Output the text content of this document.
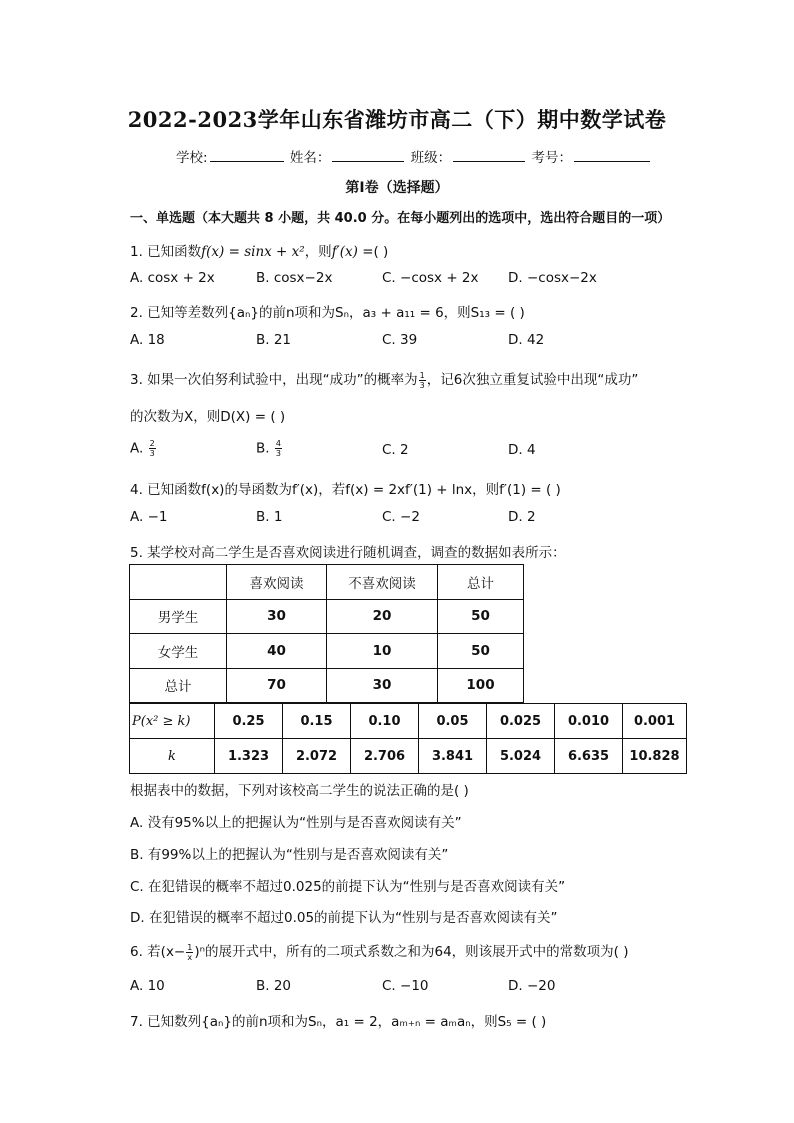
2022-2023学年山东省潍坊市高二（下）期中数学试卷
学校:	姓名：	班级：	考号：
第Ⅰ卷（选择题）
一、单选题（本大题共 8 小题，共 40.0 分。在每小题列出的选项中，选出符合题目的一项）
1. 已知函数f(x) = sinx + x²，则f′(x) =( )
A. cosx + 2x	B. cosx−2x	C. −cosx + 2x D. −cosx−2x
2. 已知等差数列{aₙ}的前n项和为Sₙ，a₃ + a₁₁ = 6，则S₁₃ = ( )
A. 18	B. 21	C. 39	D. 42
3. 如果一次伯努利试验中，出现“成功”的概率为 $\frac{1}{3}$ ，记6次独立重复试验中出现“成功”
的次数为X，则D(X) = ( )
A. $\frac{2}{3}$	B. $\frac{4}{3}$	C. 2	D. 4
4. 已知函数f(x)的导函数为f′(x)，若f(x) = 2xf′(1) + lnx，则f′(1) = ( )
A. −1	B. 1	C. −2	D. 2
5. 某学校对高二学生是否喜欢阅读进行随机调查，调查的数据如表所示：
	喜欢阅读	不喜欢阅读	总计
男学生	30	20	50
女学生	40	10	50
总计	70	30	100
P(x² ≥ k)	0.25	0.15	0.10	0.05	0.025	0.010	0.001
k	1.323	2.072	2.706	3.841	5.024	6.635	10.828
根据表中的数据，下列对该校高二学生的说法正确的是( )
A. 没有95%以上的把握认为“性别与是否喜欢阅读有关”
B. 有99%以上的把握认为“性别与是否喜欢阅读有关”
C. 在犯错误的概率不超过0.025的前提下认为“性别与是否喜欢阅读有关”
D. 在犯错误的概率不超过0.05的前提下认为“性别与是否喜欢阅读有关”
6. 若$(x- \frac{1}{x} )^n$的展开式中，所有的二项式系数之和为64，则该展开式中的常数项为( )
A. 10	B. 20	C. −10	D. −20
7. 已知数列{aₙ}的前n项和为Sₙ，a₁ = 2，aₘ₊ₙ = aₘaₙ，则S₅ = ( )
